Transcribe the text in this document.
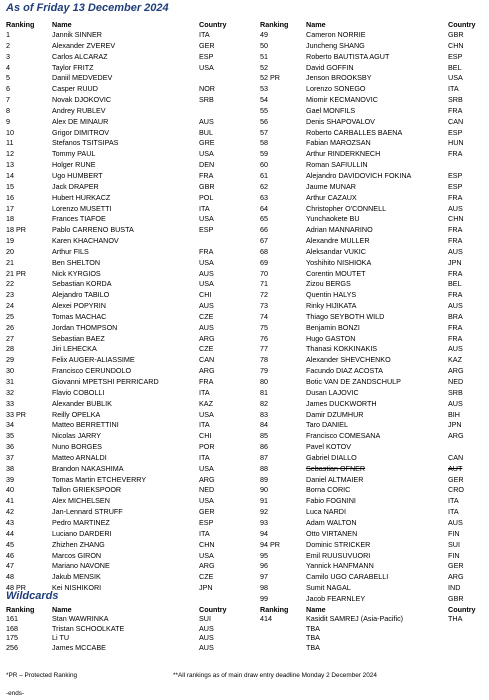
As of Friday 13 December 2024
Ranking Name	Country	Ranking Name	Country
1	Jannik SINNER	ITA
2	Alexander ZVEREV	GER
3	Carlos ALCARAZ	ESP
4	Taylor FRITZ	USA
5	Daniil MEDVEDEV
6	Casper RUUD	NOR
7	Novak DJOKOVIC	SRB
8	Andrey RUBLEV
9	Alex DE MINAUR	AUS
10	Grigor DIMITROV	BUL
11	Stefanos TSITSIPAS	GRE
12	Tommy PAUL	USA
13	Holger RUNE	DEN
14	Ugo HUMBERT	FRA
15	Jack DRAPER	GBR
16	Hubert HURKACZ	POL
17	Lorenzo MUSETTI	ITA
18	Frances TIAFOE	USA
18 PR	Pablo CARRENO BUSTA	ESP
19	Karen KHACHANOV
20	Arthur FILS	FRA
21	Ben SHELTON	USA
21 PR	Nick KYRGIOS	AUS
22	Sebastian KORDA	USA
23	Alejandro TABILO	CHI
24	Alexei POPYRIN	AUS
25	Tomas MACHAC	CZE
26	Jordan THOMPSON	AUS
27	Sebastian BAEZ	ARG
28	Jiri LEHECKA	CZE
29	Felix AUGER-ALIASSIME	CAN
30	Francisco CERUNDOLO	ARG
31	Giovanni MPETSHI PERRICARD	FRA
32	Flavio COBOLLI	ITA
33	Alexander BUBLIK	KAZ
33 PR	Reilly OPELKA	USA
34	Matteo BERRETTINI	ITA
35	Nicolas JARRY	CHI
36	Nuno BORGES	POR
37	Matteo ARNALDI	ITA
38	Brandon NAKASHIMA	USA
39	Tomas Martin ETCHEVERRY	ARG
40	Tallon GRIEKSPOOR	NED
41	Alex MICHELSEN	USA
42	Jan-Lennard STRUFF	GER
43	Pedro MARTINEZ	ESP
44	Luciano DARDERI	ITA
45	Zhizhen ZHANG	CHN
46	Marcos GIRON	USA
47	Mariano NAVONE	ARG
48	Jakub MENSIK	CZE
48 PR	Kei NISHIKORI	JPN
49	Cameron NORRIE	GBR
50	Juncheng SHANG	CHN
51	Roberto BAUTISTA AGUT	ESP
52	David GOFFIN	BEL
52 PR	Jenson BROOKSBY	USA
53	Lorenzo SONEGO	ITA
54	Miomir KECMANOVIC	SRB
55	Gael MONFILS	FRA
56	Denis SHAPOVALOV	CAN
57	Roberto CARBALLES BAENA	ESP
58	Fabian MAROZSAN	HUN
59	Arthur RINDERKNECH	FRA
60	Roman SAFIULLIN
61	Alejandro DAVIDOVICH FOKINA	ESP
62	Jaume MUNAR	ESP
63	Arthur CAZAUX	FRA
64	Christopher O'CONNELL	AUS
65	Yunchaokete BU	CHN
66	Adrian MANNARINO	FRA
67	Alexandre MULLER	FRA
68	Aleksandar VUKIC	AUS
69	Yoshihito NISHIOKA	JPN
70	Corentin MOUTET	FRA
71	Zizou BERGS	BEL
72	Quentin HALYS	FRA
73	Rinky HIJIKATA	AUS
74	Thiago SEYBOTH WILD	BRA
75	Benjamin BONZI	FRA
76	Hugo GASTON	FRA
77	Thanasi KOKKINAKIS	AUS
78	Alexander SHEVCHENKO	KAZ
79	Facundo DIAZ ACOSTA	ARG
80	Botic VAN DE ZANDSCHULP	NED
81	Dusan LAJOVIC	SRB
82	James DUCKWORTH	AUS
83	Damir DZUMHUR	BIH
84	Taro DANIEL	JPN
85	Francisco COMESANA	ARG
86	Pavel KOTOV
87	Gabriel DIALLO	CAN
88	Sebastian OFNER	AUT
89	Daniel ALTMAIER	GER
90	Borna CORIC	CRO
91	Fabio FOGNINI	ITA
92	Luca NARDI	ITA
93	Adam WALTON	AUS
94	Otto VIRTANEN	FIN
94 PR	Dominic STRICKER	SUI
95	Emil RUUSUVUORI	FIN
96	Yannick HANFMANN	GER
97	Camilo UGO CARABELLI	ARG
98	Sumit NAGAL	IND
99	Jacob FEARNLEY	GBR
Wildcards
Ranking Name	Country	Ranking Name	Country
161	Stan WAWRINKA	SUI
168	Tristan SCHOOLKATE	AUS
175	Li TU	AUS
256	James MCCABE	AUS
414	Kasidit SAMREJ (Asia-Pacific)	THA
TBA
TBA
TBA
*PR – Protected Ranking	**All rankings as of main draw entry deadline Monday 2 December 2024
-ends-
